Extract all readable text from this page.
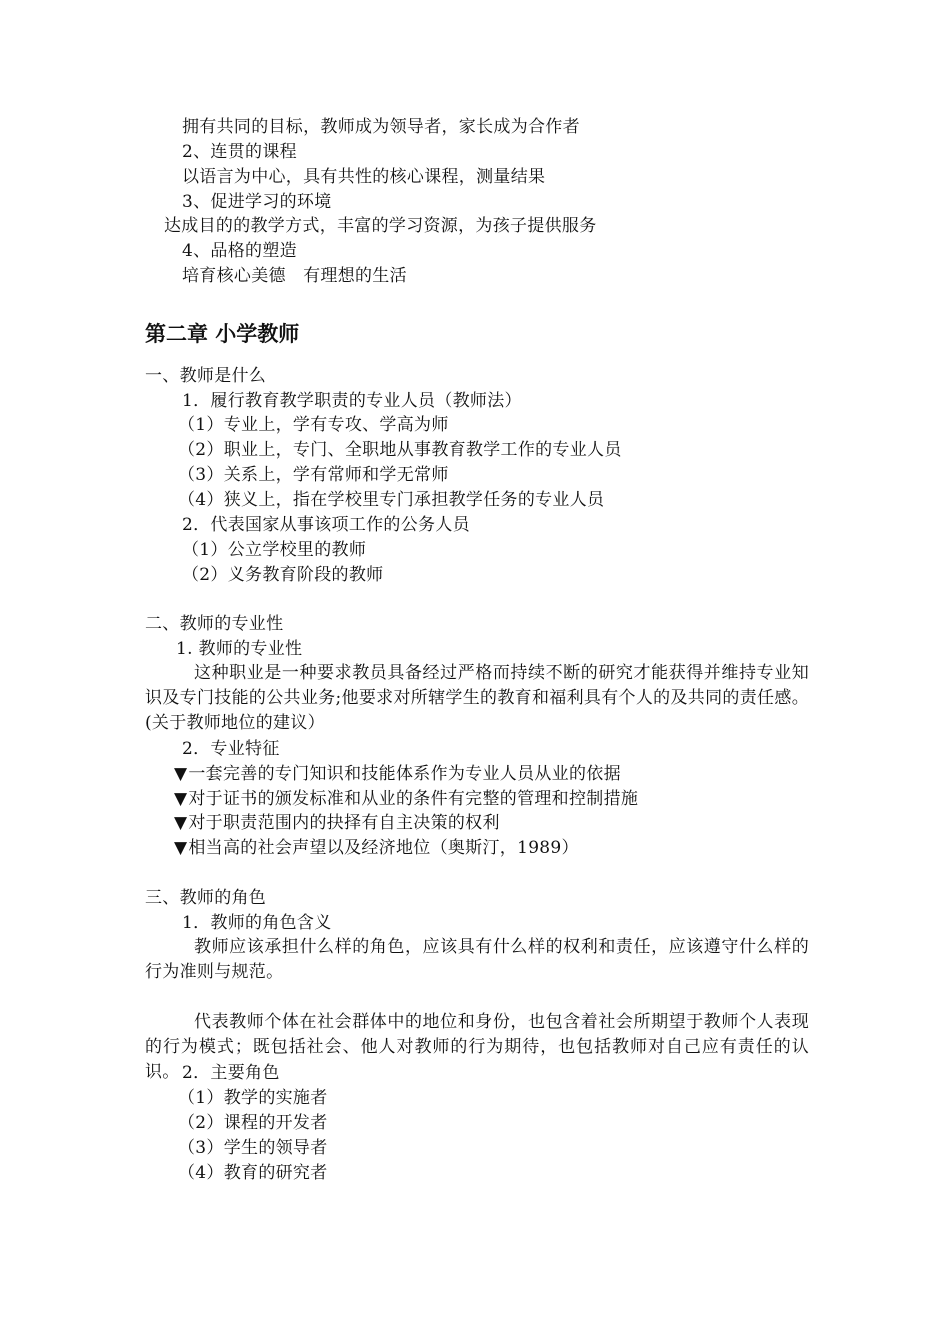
拥有共同的目标，教师成为领导者，家长成为合作者
2、连贯的课程
以语言为中心，具有共性的核心课程，测量结果
3、促进学习的环境
达成目的的教学方式，丰富的学习资源，为孩子提供服务
4、品格的塑造
培育核心美德　有理想的生活
第二章 小学教师
一、教师是什么
1．履行教育教学职责的专业人员（教师法）
（1）专业上，学有专攻、学高为师
（2）职业上，专门、全职地从事教育教学工作的专业人员
（3）关系上，学有常师和学无常师
（4）狭义上，指在学校里专门承担教学任务的专业人员
2．代表国家从事该项工作的公务人员
（1）公立学校里的教师
（2）义务教育阶段的教师
二、教师的专业性
1. 教师的专业性
这种职业是一种要求教员具备经过严格而持续不断的研究才能获得并维持专业知识及专门技能的公共业务;他要求对所辖学生的教育和福利具有个人的及共同的责任感。(关于教师地位的建议）
2．专业特征
▼一套完善的专门知识和技能体系作为专业人员从业的依据
▼对于证书的颁发标准和从业的条件有完整的管理和控制措施
▼对于职责范围内的抉择有自主决策的权利
▼相当高的社会声望以及经济地位（奥斯汀，1989）
三、教师的角色
1．教师的角色含义
教师应该承担什么样的角色，应该具有什么样的权利和责任，应该遵守什么样的行为准则与规范。
代表教师个体在社会群体中的地位和身份，也包含着社会所期望于教师个人表现的行为模式；既包括社会、他人对教师的行为期待，也包括教师对自己应有责任的认识。 2．主要角色
（1）教学的实施者
（2）课程的开发者
（3）学生的领导者
（4）教育的研究者
